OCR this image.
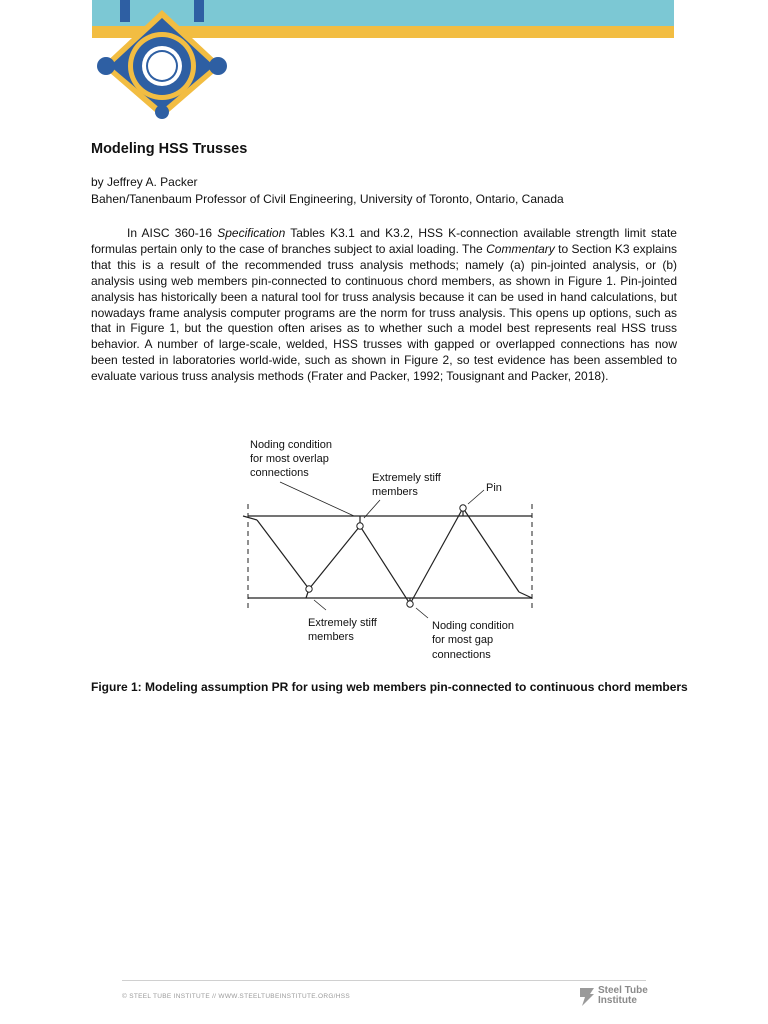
Modeling HSS Trusses
by Jeffrey A. Packer
Bahen/Tanenbaum Professor of Civil Engineering, University of Toronto, Ontario, Canada

In AISC 360-16 Specification Tables K3.1 and K3.2, HSS K-connection available strength limit state formulas pertain only to the case of branches subject to axial loading. The Commentary to Section K3 explains that this is a result of the recommended truss analysis methods; namely (a) pin-jointed analysis, or (b) analysis using web members pin-connected to continuous chord members, as shown in Figure 1. Pin-jointed analysis has historically been a natural tool for truss analysis because it can be used in hand calculations, but nowadays frame analysis computer programs are the norm for truss analysis. This opens up options, such as that in Figure 1, but the question often arises as to whether such a model best represents real HSS truss behavior. A number of large-scale, welded, HSS trusses with gapped or overlapped connections has now been tested in laboratories world-wide, such as shown in Figure 2, so test evidence has been assembled to evaluate various truss analysis methods (Frater and Packer, 1992; Tousignant and Packer, 2018).

Noding condition
for most overlap
connections	Extremely stiff
members	Pin
Extremely stiff
members
Noding condition
for most gap
connections
Figure 1: Modeling assumption PR for using web members pin-connected to continuous chord members
© STEEL TUBE INSTITUTE // WWW.STEELTUBEINSTITUTE.ORG/HSS
Steel Tube
Institute
